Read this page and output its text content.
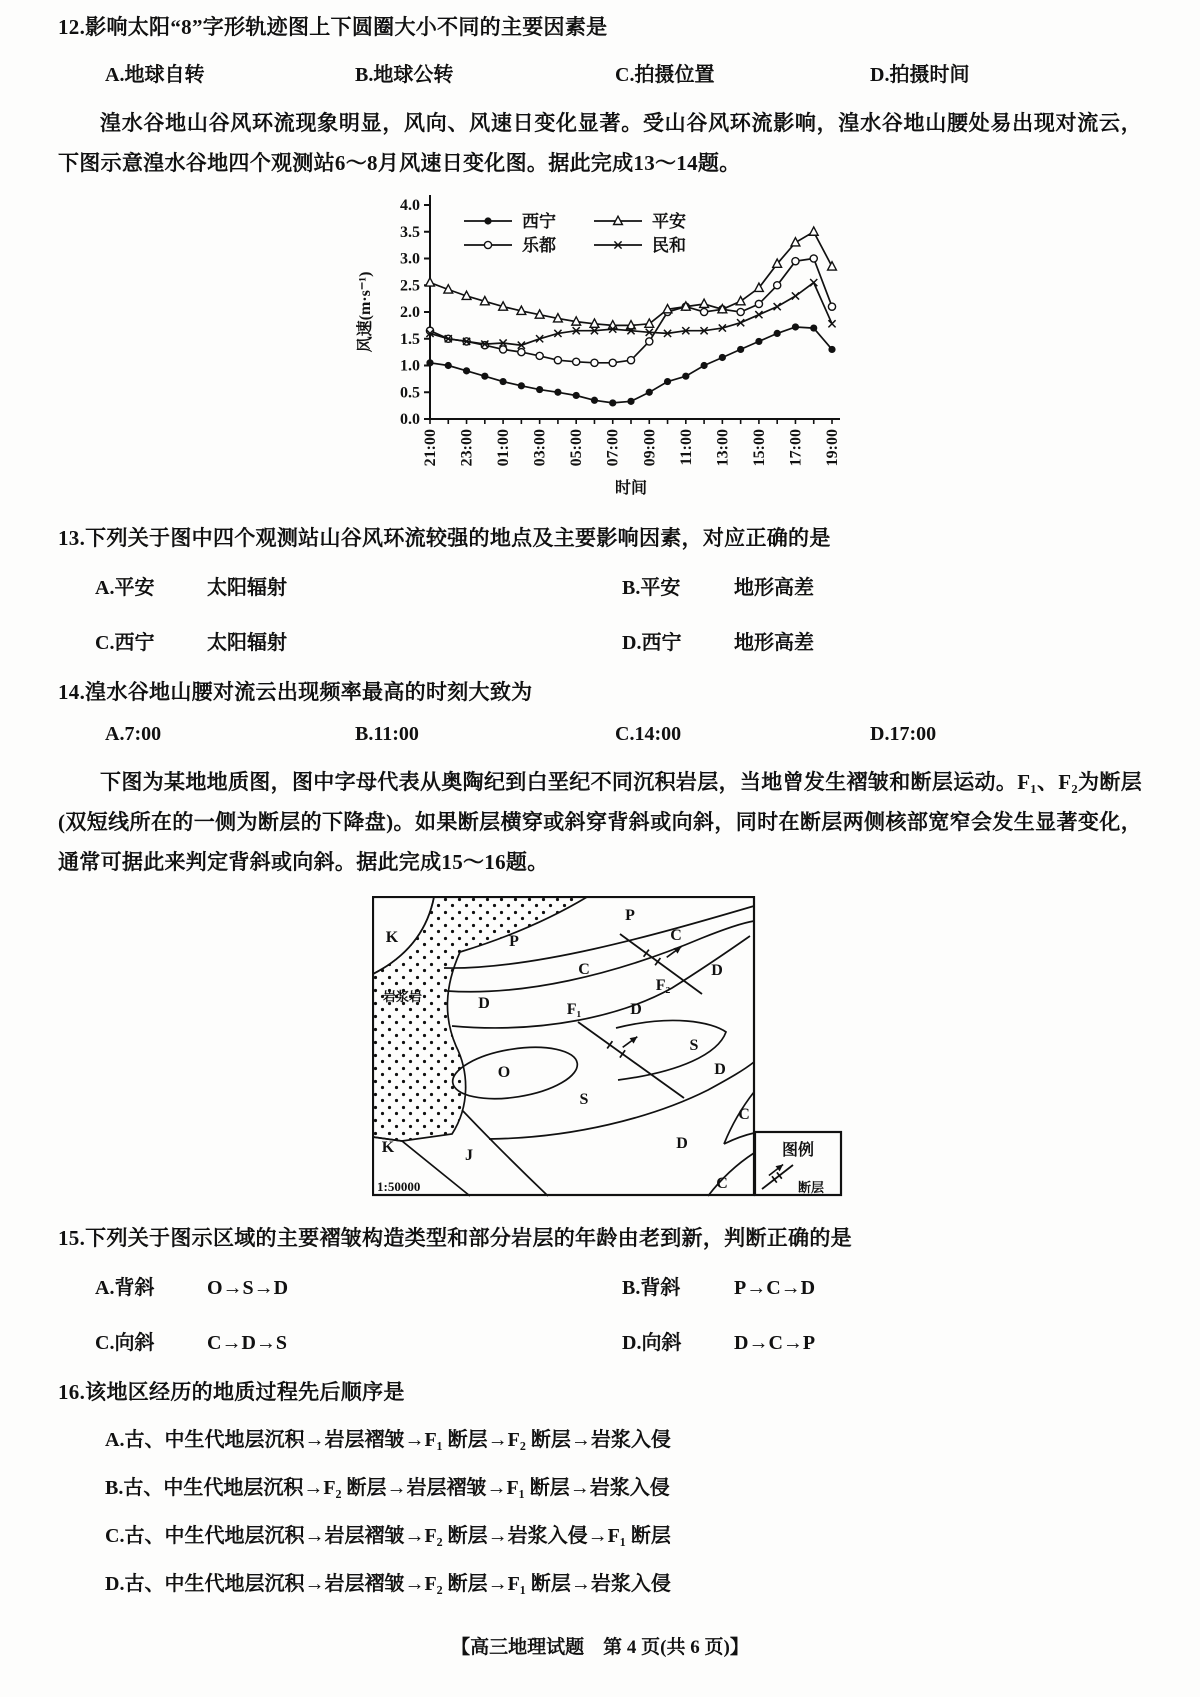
12.影响太阳“8”字形轨迹图上下圆圈大小不同的主要因素是
A.地球自转	B.地球公转	C.拍摄位置	D.拍摄时间

湟水谷地山谷风环流现象明显，风向、风速日变化显著。受山谷风环流影响，湟水谷地山腰处易出现对流云，下图示意湟水谷地四个观测站6～8月风速日变化图。据此完成13～14题。

0.0
0.5
1.0
1.5
2.0
2.5
3.0
3.5
4.0
21:00 23:00 01:00 03:00 05:00 07:00 09:00 11:00 13:00 15:00 17:00 19:00
风速(m·s⁻¹)
时间
西宁	平安
乐都	民和
13.下列关于图中四个观测站山谷风环流较强的地点及主要影响因素，对应正确的是
A.平安	太阳辐射	B.平安	地形高差
C.西宁	太阳辐射	D.西宁	地形高差
14.湟水谷地山腰对流云出现频率最高的时刻大致为
A.7:00	B.11:00	C.14:00	D.17:00

下图为某地地质图，图中字母代表从奥陶纪到白垩纪不同沉积岩层，当地曾发生褶皱和断层运动。F₁、F₂为断层(双短线所在的一侧为断层的下降盘)。如果断层横穿或斜穿背斜或向斜，同时在断层两侧核部宽窄会发生显著变化，通常可据此来判定背斜或向斜。据此完成15～16题。

K	P
P
C
C	D
F₂
D	F₁	D
S
O
S
D
K	J
D
C
C
岩浆岩
1:50000
图例
断层
15.下列关于图示区域的主要褶皱构造类型和部分岩层的年龄由老到新，判断正确的是
A.背斜	O→S→D	B.背斜	P→C→D
C.向斜	C→D→S	D.向斜	D→C→P
16.该地区经历的地质过程先后顺序是
A.古、中生代地层沉积→岩层褶皱→F₁ 断层→F₂ 断层→岩浆入侵
B.古、中生代地层沉积→F₂ 断层→岩层褶皱→F₁ 断层→岩浆入侵
C.古、中生代地层沉积→岩层褶皱→F₂ 断层→岩浆入侵→F₁ 断层
D.古、中生代地层沉积→岩层褶皱→F₂ 断层→F₁ 断层→岩浆入侵
【高三地理试题　第 4 页(共 6 页)】
